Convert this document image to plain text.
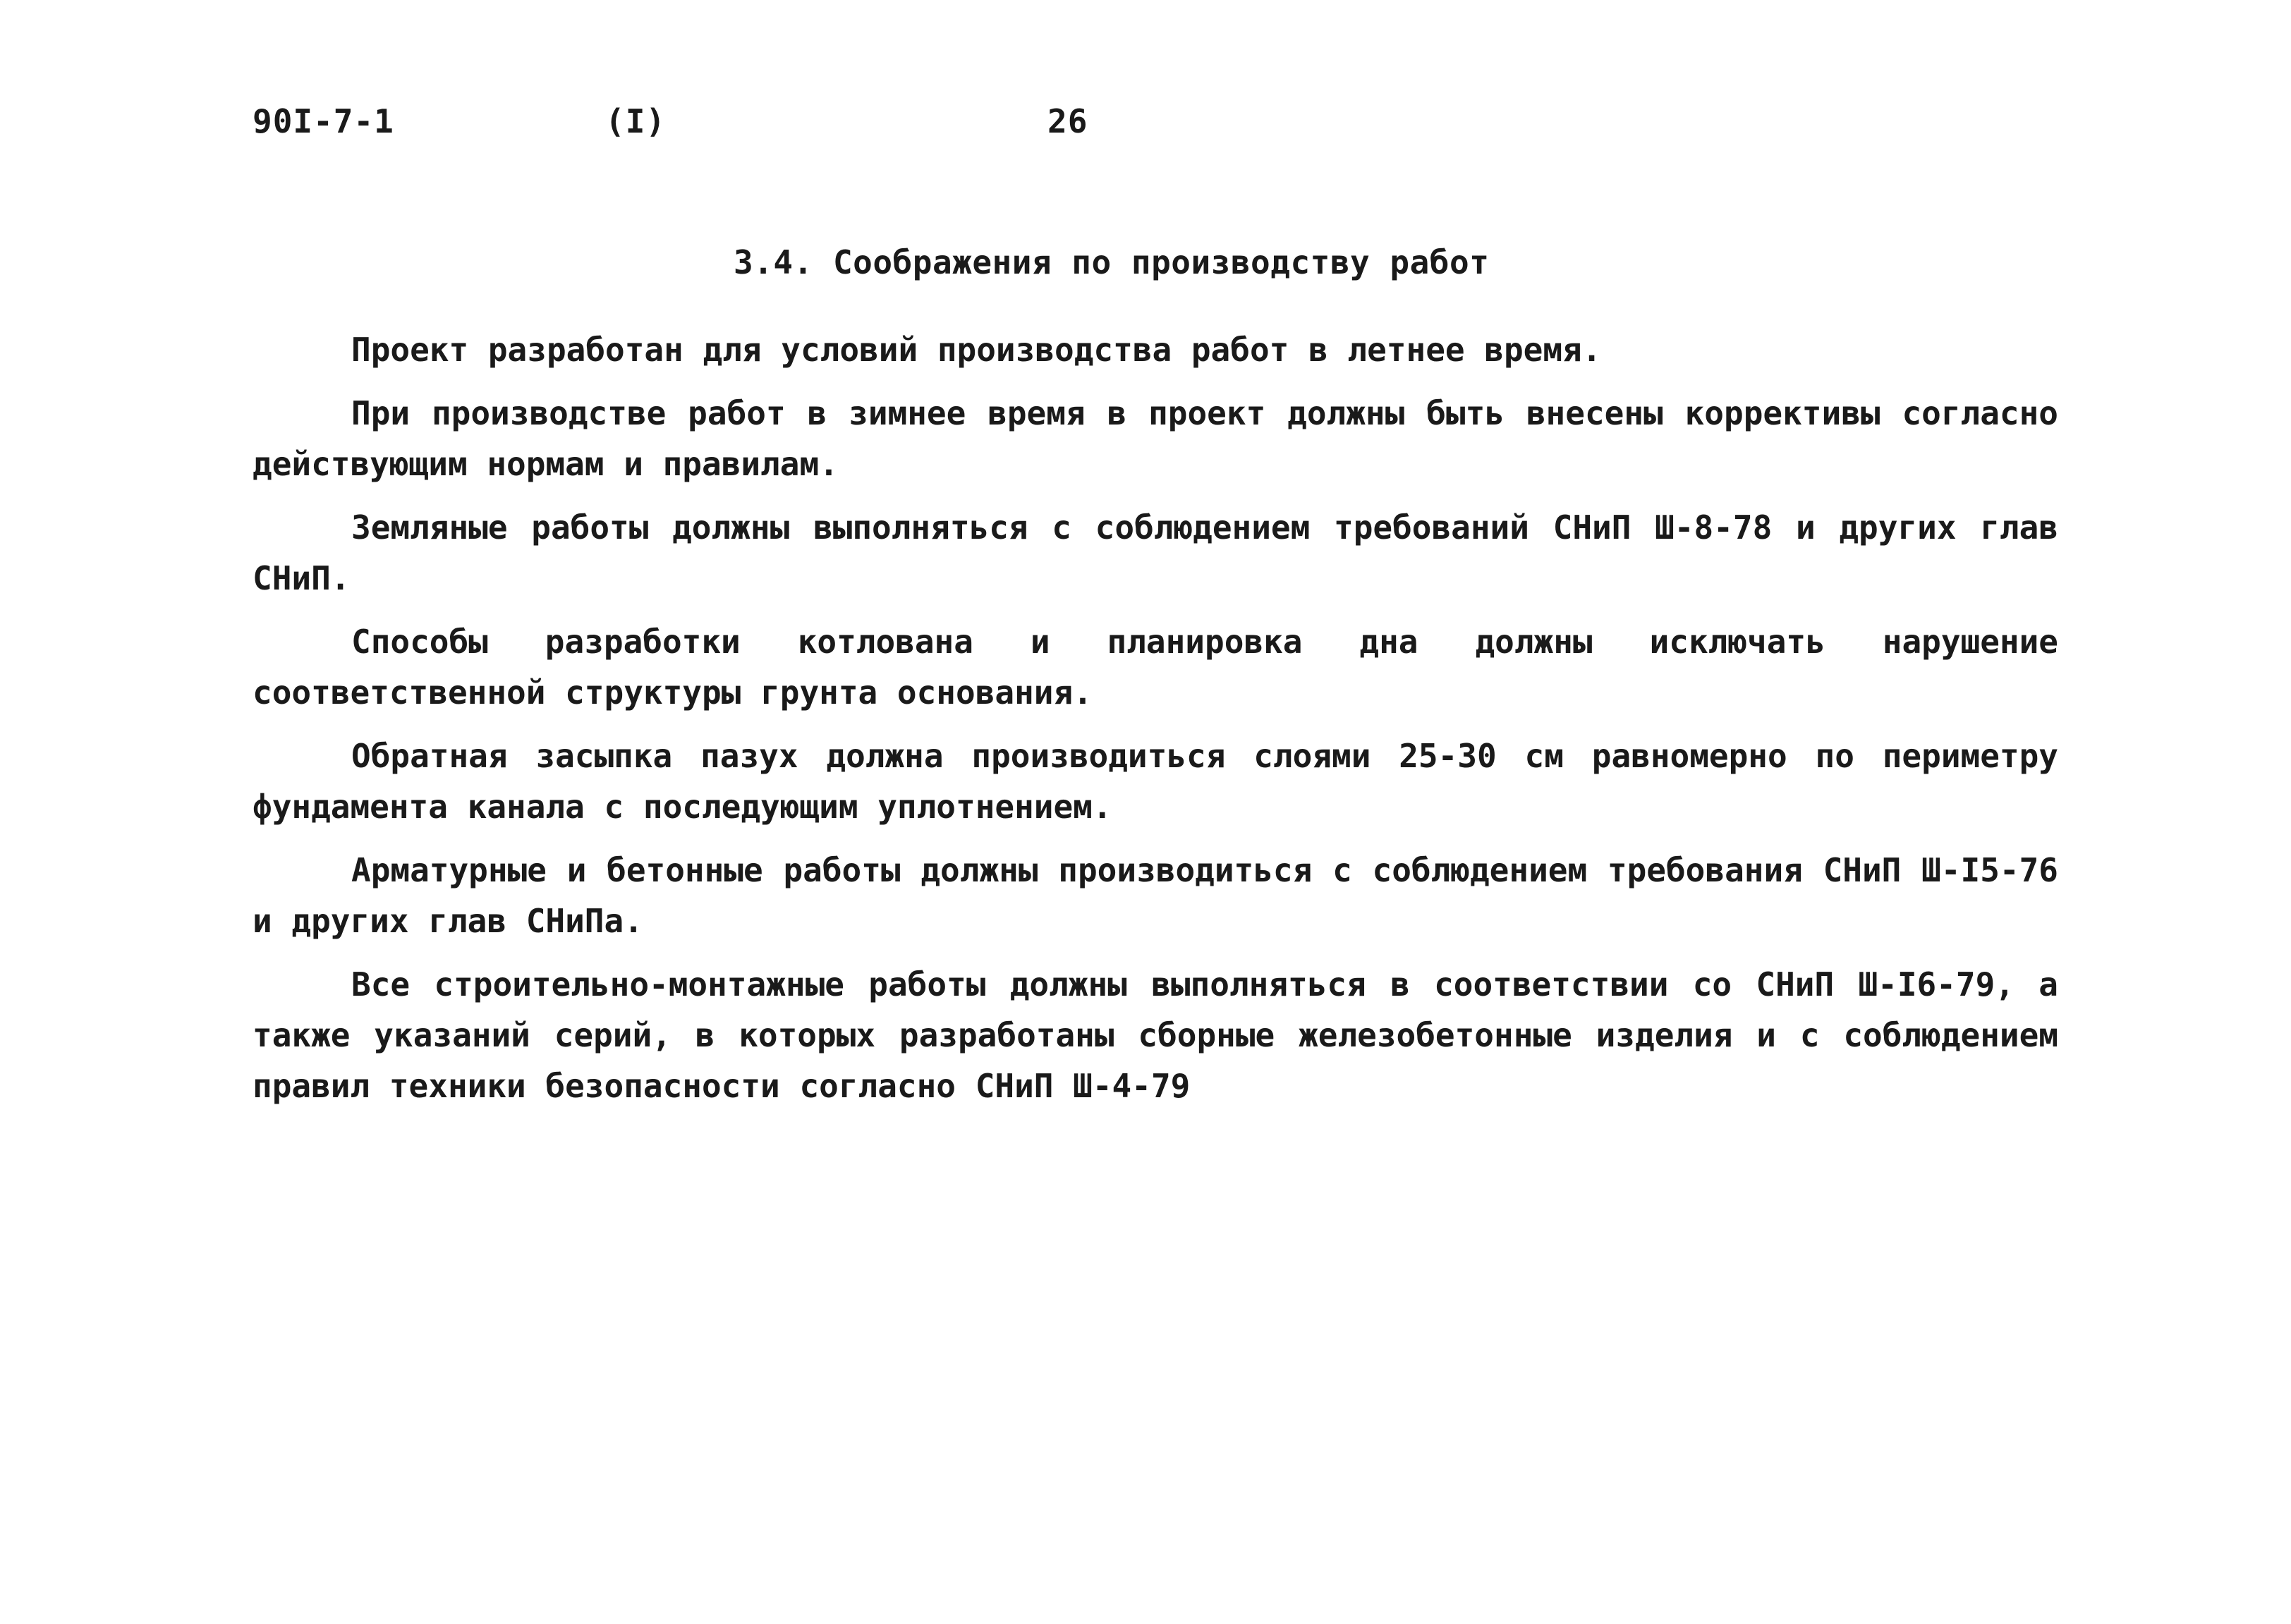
90I-7-1	(I)	26
3.4. Соображения по производству работ

Проект разработан для условий производства работ в летнее время.

При производстве работ в зимнее время в проект должны быть внесены коррективы согласно действующим нормам и правилам.

Земляные работы должны выполняться с соблюдением требований СНиП Ш-8-78 и других глав СНиП.

Способы разработки котлована и планировка дна должны исключать нарушение соответственной структуры грунта основания.

Обратная засыпка пазух должна производиться слоями 25-30 см равномерно по периметру фундамента канала с последующим уплотнением.

Арматурные и бетонные работы должны производиться с соблюдением требования СНиП Ш-I5-76 и других глав СНиПа.

Все строительно-монтажные работы должны выполняться в соответствии со СНиП Ш-I6-79, а также указаний серий, в которых разработаны сборные железобетонные изделия и с соблюдением правил техники безопасности согласно СНиП Ш-4-79
